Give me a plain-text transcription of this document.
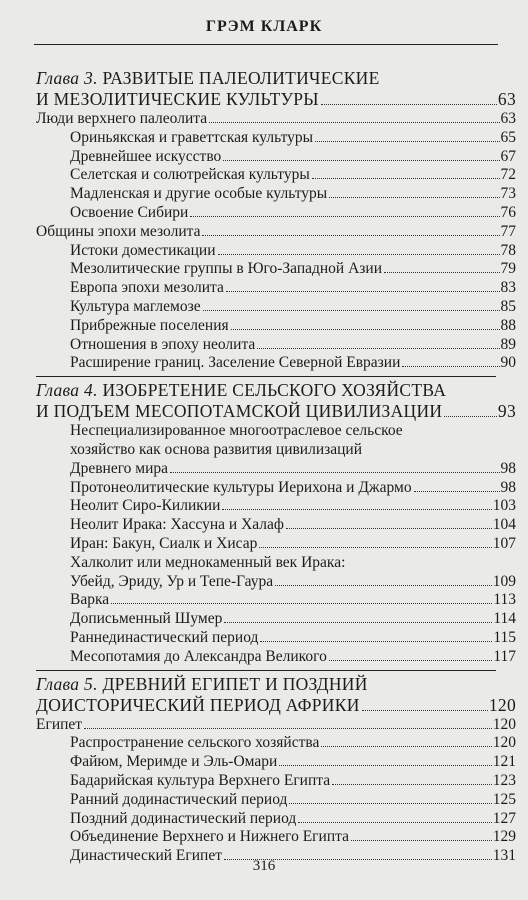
ГРЭМ КЛАРК
Глава 3. РАЗВИТЫЕ ПАЛЕОЛИТИЧЕСКИЕ
И МЕЗОЛИТИЧЕСКИЕ КУЛЬТУРЫ	63
Люди верхнего палеолита	63
Ориньякская и граветтская культуры	65
Древнейшее искусство	67
Селетская и солютрейская культуры	72
Мадленская и другие особые культуры	73
Освоение Сибири	76
Общины эпохи мезолита	77
Истоки доместикации	78
Мезолитические группы в Юго-Западной Азии	79
Европа эпохи мезолита	83
Культура маглемозе	85
Прибрежные поселения	88
Отношения в эпоху неолита	89
Расширение границ. Заселение Северной Евразии	90
Глава 4. ИЗОБРЕТЕНИЕ СЕЛЬСКОГО ХОЗЯЙСТВА
И ПОДЪЕМ МЕСОПОТАМСКОЙ ЦИВИЛИЗАЦИИ	93
Неспециализированное многоотраслевое сельское
хозяйство как основа развития цивилизаций
Древнего мира	98
Протонеолитические культуры Иерихона и Джармо	98
Неолит Сиро-Киликии	103
Неолит Ирака: Хассуна и Халаф	104
Иран: Бакун, Сиалк и Хисар	107
Халколит или меднокаменный век Ирака:
Убейд, Эриду, Ур и Тепе-Гаура	109
Варка	113
Дописьменный Шумер	114
Раннединастический период	115
Месопотамия до Александра Великого	117
Глава 5. ДРЕВНИЙ ЕГИПЕТ И ПОЗДНИЙ
ДОИСТОРИЧЕСКИЙ ПЕРИОД АФРИКИ	120
Египет	120
Распространение сельского хозяйства	120
Файюм, Меримде и Эль-Омари	121
Бадарийская культура Верхнего Египта	123
Ранний додинастический период	125
Поздний додинастический период	127
Объединение Верхнего и Нижнего Египта	129
Династический Египет	131
316
